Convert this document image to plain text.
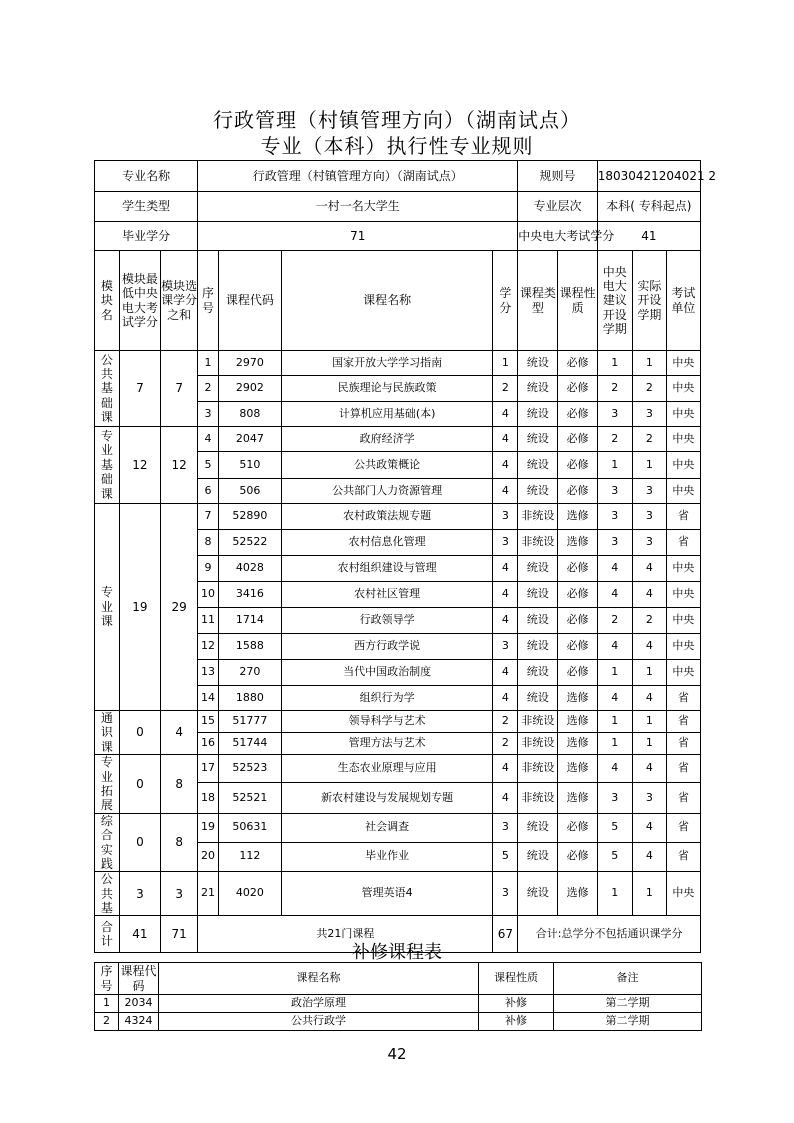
行政管理（村镇管理方向）（湖南试点）
专业（本科）执行性专业规则
专业名称			行政管理（村镇管理方向）（湖南试点）				规则号		18030421204021 2		
学生类型			一村一名大学生				专业层次		本科( 专科起点)		
毕业学分			71				中央电大考试学分		41		
模块名	模块最低中央电大考试学分	模块选课学分之和	序号	课程代码	课程名称	学分	课程类型	课程性质	中央电大建议开设学期	实际开设学期	考试单位
公共基础课	7	7	1	2970	国家开放大学学习指南	1	统设	必修	1	1	中央
			2	2902	民族理论与民族政策	2	统设	必修	2	2	中央
			3	808	计算机应用基础(本)	4	统设	必修	3	3	中央
专业基础课	12	12	4	2047	政府经济学	4	统设	必修	2	2	中央
			5	510	公共政策概论	4	统设	必修	1	1	中央
			6	506	公共部门人力资源管理	4	统设	必修	3	3	中央
专业课	19	29	7	52890	农村政策法规专题	3	非统设	选修	3	3	省
			8	52522	农村信息化管理	3	非统设	选修	3	3	省
			9	4028	农村组织建设与管理	4	统设	必修	4	4	中央
			10	3416	农村社区管理	4	统设	必修	4	4	中央
			11	1714	行政领导学	4	统设	必修	2	2	中央
			12	1588	西方行政学说	3	统设	必修	4	4	中央
			13	270	当代中国政治制度	4	统设	必修	1	1	中央
			14	1880	组织行为学	4	统设	选修	4	4	省
通识课	0	4	15	51777	领导科学与艺术	2	非统设	选修	1	1	省
			16	51744	管理方法与艺术	2	非统设	选修	1	1	省
专业拓展	0	8	17	52523	生态农业原理与应用	4	非统设	选修	4	4	省
			18	52521	新农村建设与发展规划专题	4	非统设	选修	3	3	省
综合实践	0	8	19	50631	社会调查	3	统设	必修	5	4	省
			20	112	毕业作业	5	统设	必修	5	4	省
公共基	3	3	21	4020	管理英语4	3	统设	选修	1	1	中央
合计	41	71	共21门课程			67	合计:总学分不包括通识课学分				
补修课程表
序号	课程代码	课程名称	课程性质	备注
1	2034	政治学原理	补修	第二学期
2	4324	公共行政学	补修	第二学期
42
